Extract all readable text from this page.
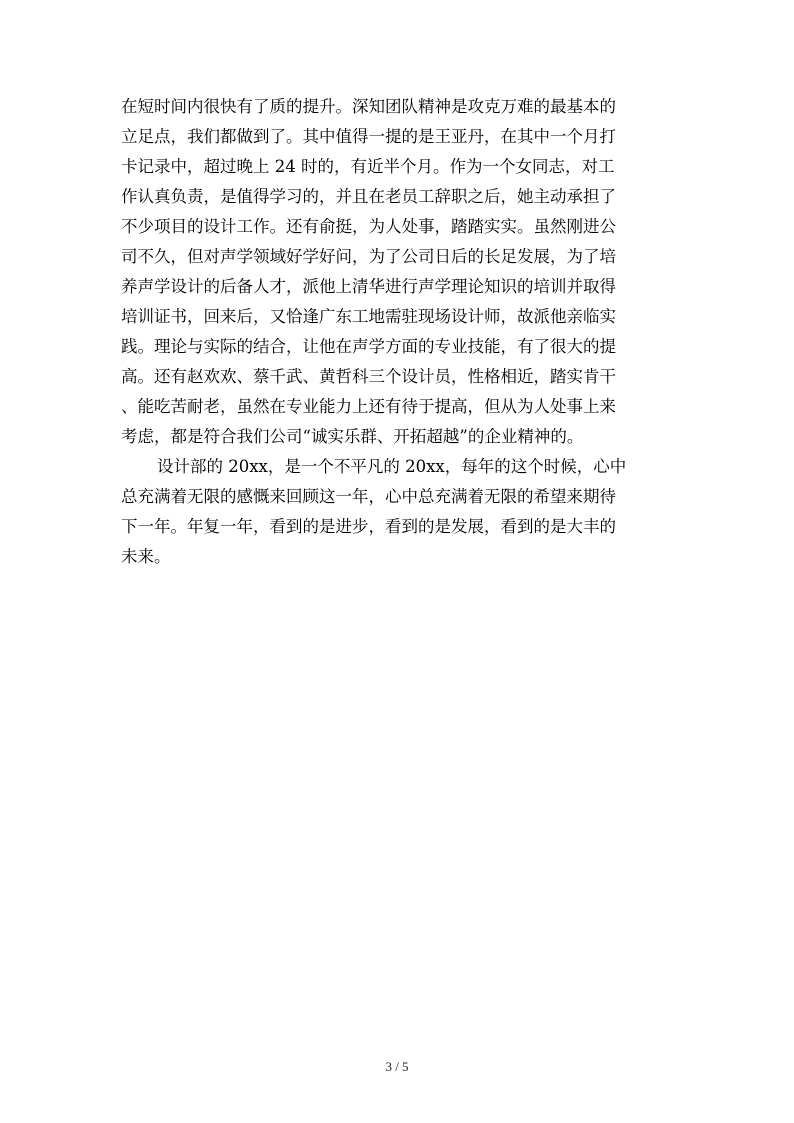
在短时间内很快有了质的提升。深知团队精神是攻克万难的最基本的
立足点，我们都做到了。其中值得一提的是王亚丹，在其中一个月打
卡记录中，超过晚上 24 时的，有近半个月。作为一个女同志，对工
作认真负责，是值得学习的，并且在老员工辞职之后，她主动承担了
不少项目的设计工作。还有俞挺，为人处事，踏踏实实。虽然刚进公
司不久，但对声学领域好学好问，为了公司日后的长足发展，为了培
养声学设计的后备人才，派他上清华进行声学理论知识的培训并取得
培训证书，回来后，又恰逢广东工地需驻现场设计师，故派他亲临实
践。理论与实际的结合，让他在声学方面的专业技能，有了很大的提
高。还有赵欢欢、蔡千武、黄哲科三个设计员，性格相近，踏实肯干
、能吃苦耐老，虽然在专业能力上还有待于提高，但从为人处事上来
考虑，都是符合我们公司“诚实乐群、开拓超越”的企业精神的。
设计部的 20xx，是一个不平凡的 20xx，每年的这个时候，心中
总充满着无限的感慨来回顾这一年，心中总充满着无限的希望来期待
下一年。年复一年，看到的是进步，看到的是发展，看到的是大丰的
未来。
3 / 5
